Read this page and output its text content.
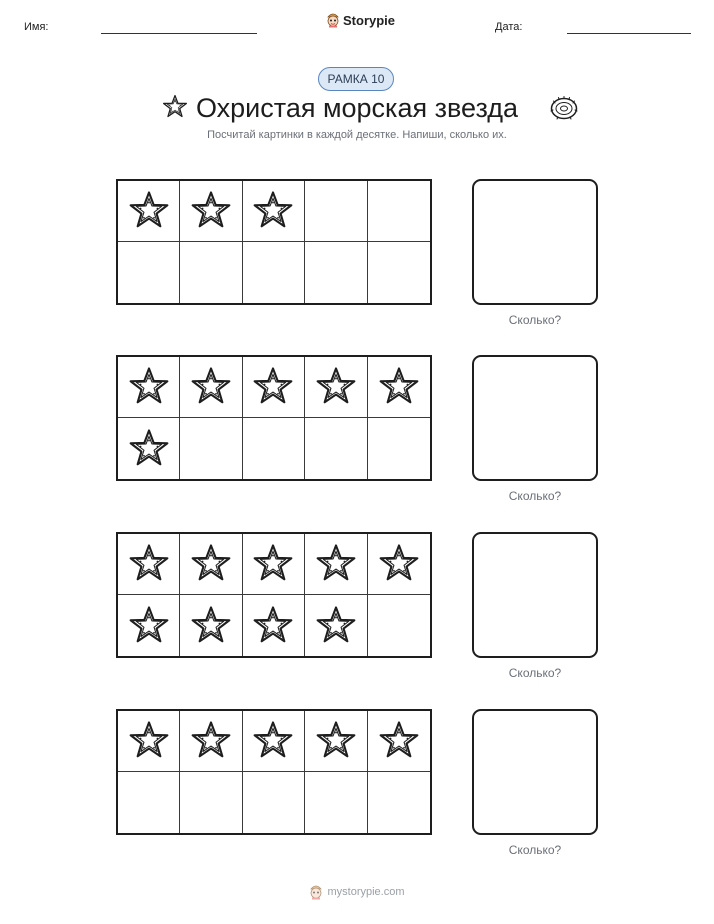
Имя:	Storypie	Дата:
РАМКА 10
Охристая морская звезда
Посчитай картинки в каждой десятке. Напиши, сколько их.
Сколько?
Сколько?
Сколько?
Сколько?
mystorypie.com
